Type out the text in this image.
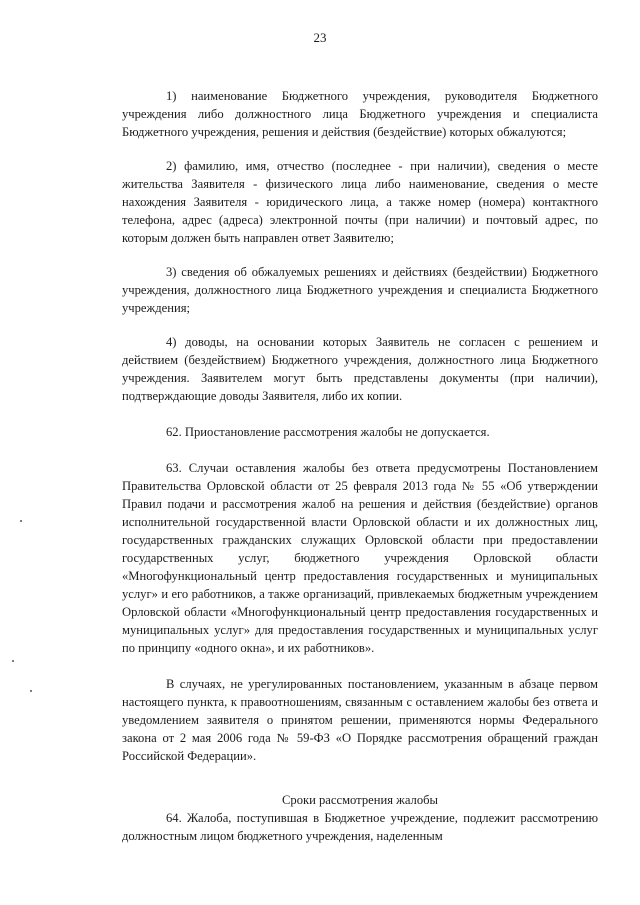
23

1) наименование Бюджетного учреждения, руководителя Бюджетного учреждения либо должностного лица Бюджетного учреждения и специалиста Бюджетного учреждения, решения и действия (бездействие) которых обжалуются;

2) фамилию, имя, отчество (последнее - при наличии), сведения о месте жительства Заявителя - физического лица либо наименование, сведения о месте нахождения Заявителя - юридического лица, а также номер (номера) контактного телефона, адрес (адреса) электронной почты (при наличии) и почтовый адрес, по которым должен быть направлен ответ Заявителю;

3) сведения об обжалуемых решениях и действиях (бездействии) Бюджетного учреждения, должностного лица Бюджетного учреждения и специалиста Бюджетного учреждения;

4) доводы, на основании которых Заявитель не согласен с решением и действием (бездействием) Бюджетного учреждения, должностного лица Бюджетного учреждения. Заявителем могут быть представлены документы (при наличии), подтверждающие доводы Заявителя, либо их копии.

62. Приостановление рассмотрения жалобы не допускается.

63. Случаи оставления жалобы без ответа предусмотрены Постановлением Правительства Орловской области от 25 февраля 2013 года № 55 «Об утверждении Правил подачи и рассмотрения жалоб на решения и действия (бездействие) органов исполнительной государственной власти Орловской области и их должностных лиц, государственных гражданских служащих Орловской области при предоставлении государственных услуг, бюджетного учреждения Орловской области «Многофункциональный центр предоставления государственных и муниципальных услуг» и его работников, а также организаций, привлекаемых бюджетным учреждением Орловской области «Многофункциональный центр предоставления государственных и муниципальных услуг» для предоставления государственных и муниципальных услуг по принципу «одного окна», и их работников».

В случаях, не урегулированных постановлением, указанным в абзаце первом настоящего пункта, к правоотношениям, связанным с оставлением жалобы без ответа и уведомлением заявителя о принятом решении, применяются нормы Федерального закона от 2 мая 2006 года № 59-ФЗ «О Порядке рассмотрения обращений граждан Российской Федерации».

Сроки рассмотрения жалобы

64. Жалоба, поступившая в Бюджетное учреждение, подлежит рассмотрению должностным лицом бюджетного учреждения, наделенным
